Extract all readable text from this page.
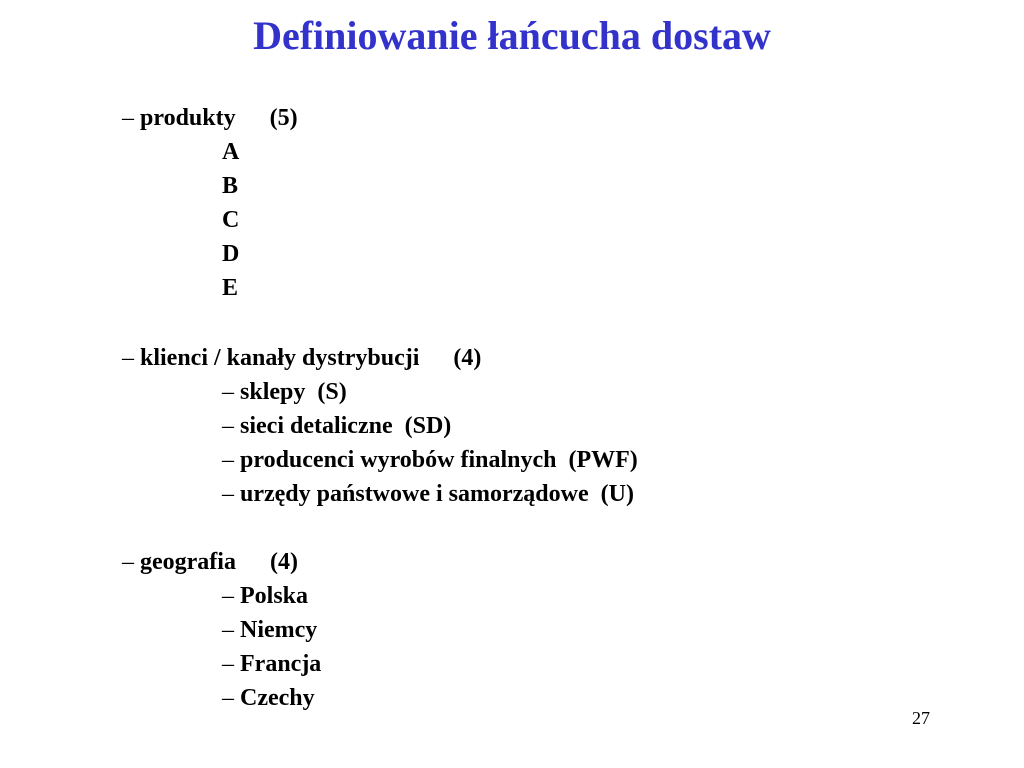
Definiowanie łańcucha dostaw
– produkty (5)
A
B
C
D
E
– klienci / kanały dystrybucji (4)
– sklepy  (S)
– sieci detaliczne  (SD)
– producenci wyrobów finalnych  (PWF)
– urzędy państwowe i samorządowe  (U)
– geografia (4)
– Polska
– Niemcy
– Francja
– Czechy
27
